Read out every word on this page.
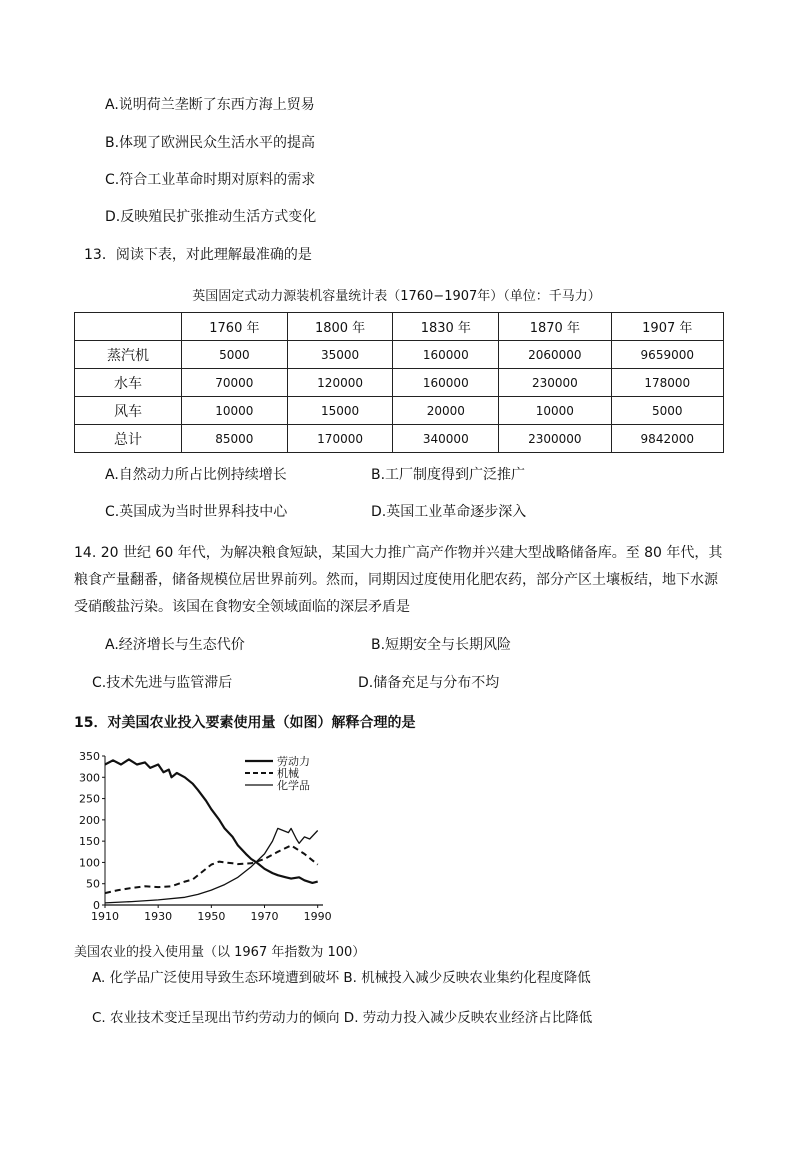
A.说明荷兰垄断了东西方海上贸易
B.体现了欧洲民众生活水平的提高
C.符合工业革命时期对原料的需求
D.反映殖民扩张推动生活方式变化
13．阅读下表，对此理解最准确的是
英国固定式动力源装机容量统计表（1760−1907年）（单位：千马力）
	1760 年	1800 年	1830 年	1870 年	1907 年
蒸汽机	5000	35000	160000	2060000	9659000
水车	70000	120000	160000	230000	178000
风车	10000	15000	20000	10000	5000
总计	85000	170000	340000	2300000	9842000
A.自然动力所占比例持续增长	B.工厂制度得到广泛推广
C.英国成为当时世界科技中心	D.英国工业革命逐步深入
14. 20 世纪 60 年代，为解决粮食短缺，某国大力推广高产作物并兴建大型战略储备库。至 80 年代，其粮食产量翻番，储备规模位居世界前列。然而，同期因过度使用化肥农药，部分产区土壤板结，地下水源受硝酸盐污染。该国在食物安全领域面临的深层矛盾是
A.经济增长与生态代价	B.短期安全与长期风险
C.技术先进与监管滞后	D.储备充足与分布不均
15．对美国农业投入要素使用量（如图）解释合理的是
0
50
100
150
200
250
300
350
1910 1930 1950 1970 1990
劳动力
机械
化学品
美国农业的投入使用量（以 1967 年指数为 100）
A. 化学品广泛使用导致生态环境遭到破坏 B. 机械投入减少反映农业集约化程度降低
C. 农业技术变迁呈现出节约劳动力的倾向 D. 劳动力投入减少反映农业经济占比降低
